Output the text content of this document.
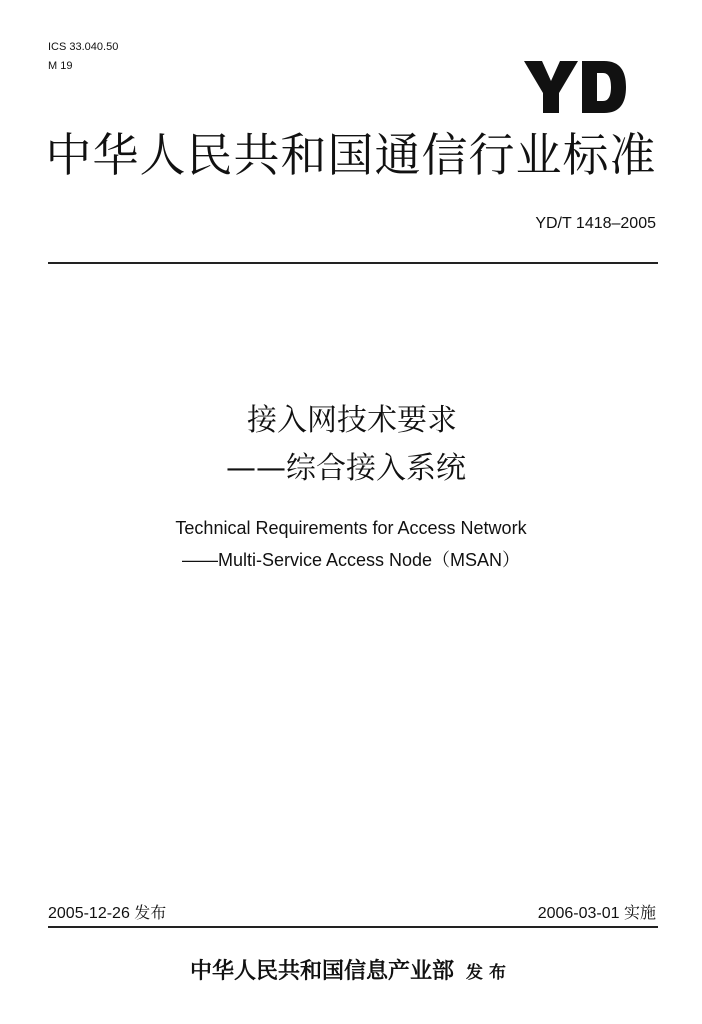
ICS 33.040.50
M 19
中华人民共和国通信行业标准
YD/T 1418–2005
接入网技术要求
——综合接入系统
Technical Requirements for Access Network
——Multi-Service Access Node（MSAN）
2005-12-26 发布	2006-03-01 实施
中华人民共和国信息产业部 发布
